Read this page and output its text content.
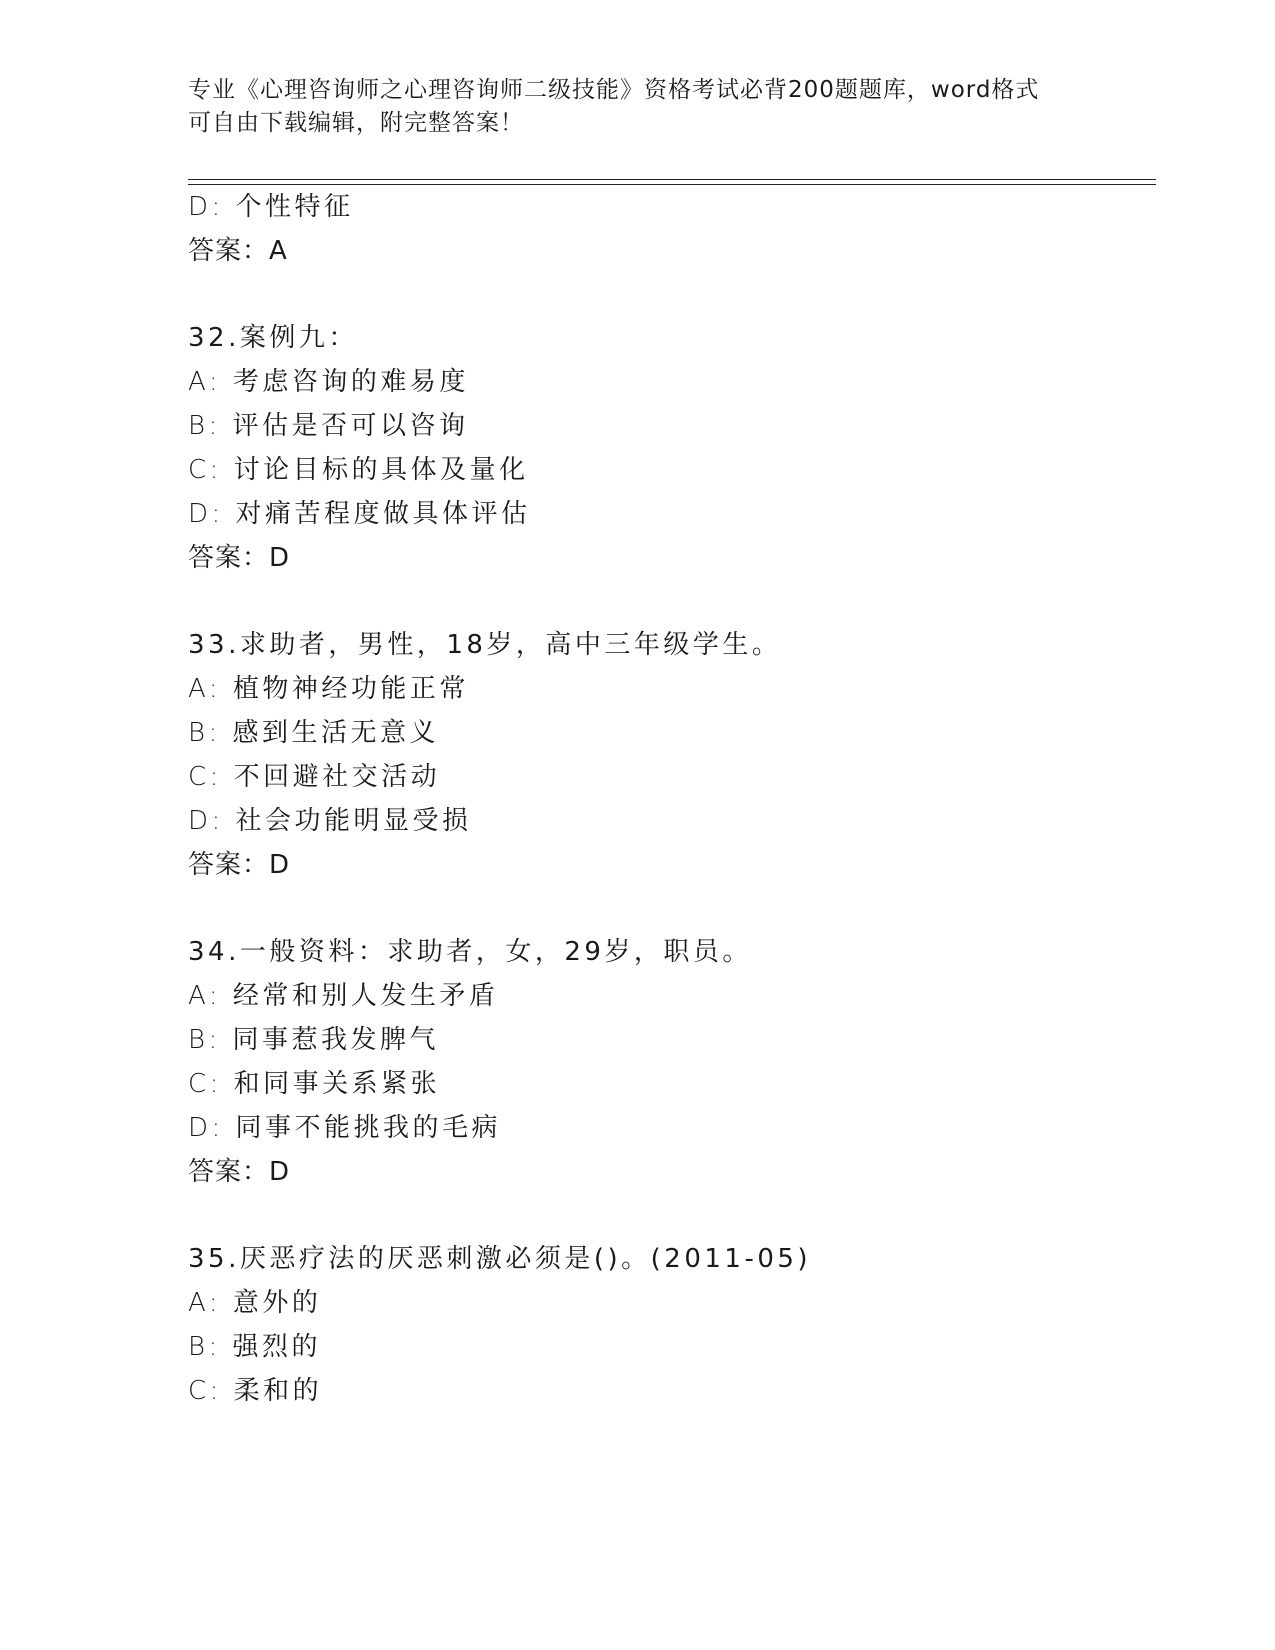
专业《心理咨询师之心理咨询师二级技能》资格考试必背200题题库，word格式
可自由下载编辑，附完整答案！
D: 个性特征
答案：A
32.案例九：
A: 考虑咨询的难易度
B: 评估是否可以咨询
C: 讨论目标的具体及量化
D: 对痛苦程度做具体评估
答案：D
33.求助者，男性，18岁，高中三年级学生。
A: 植物神经功能正常
B: 感到生活无意义
C: 不回避社交活动
D: 社会功能明显受损
答案：D
34.一般资料：求助者，女，29岁，职员。
A: 经常和别人发生矛盾
B: 同事惹我发脾气
C: 和同事关系紧张
D: 同事不能挑我的毛病
答案：D
35.厌恶疗法的厌恶刺激必须是()。(2011-05)
A: 意外的
B: 强烈的
C: 柔和的
